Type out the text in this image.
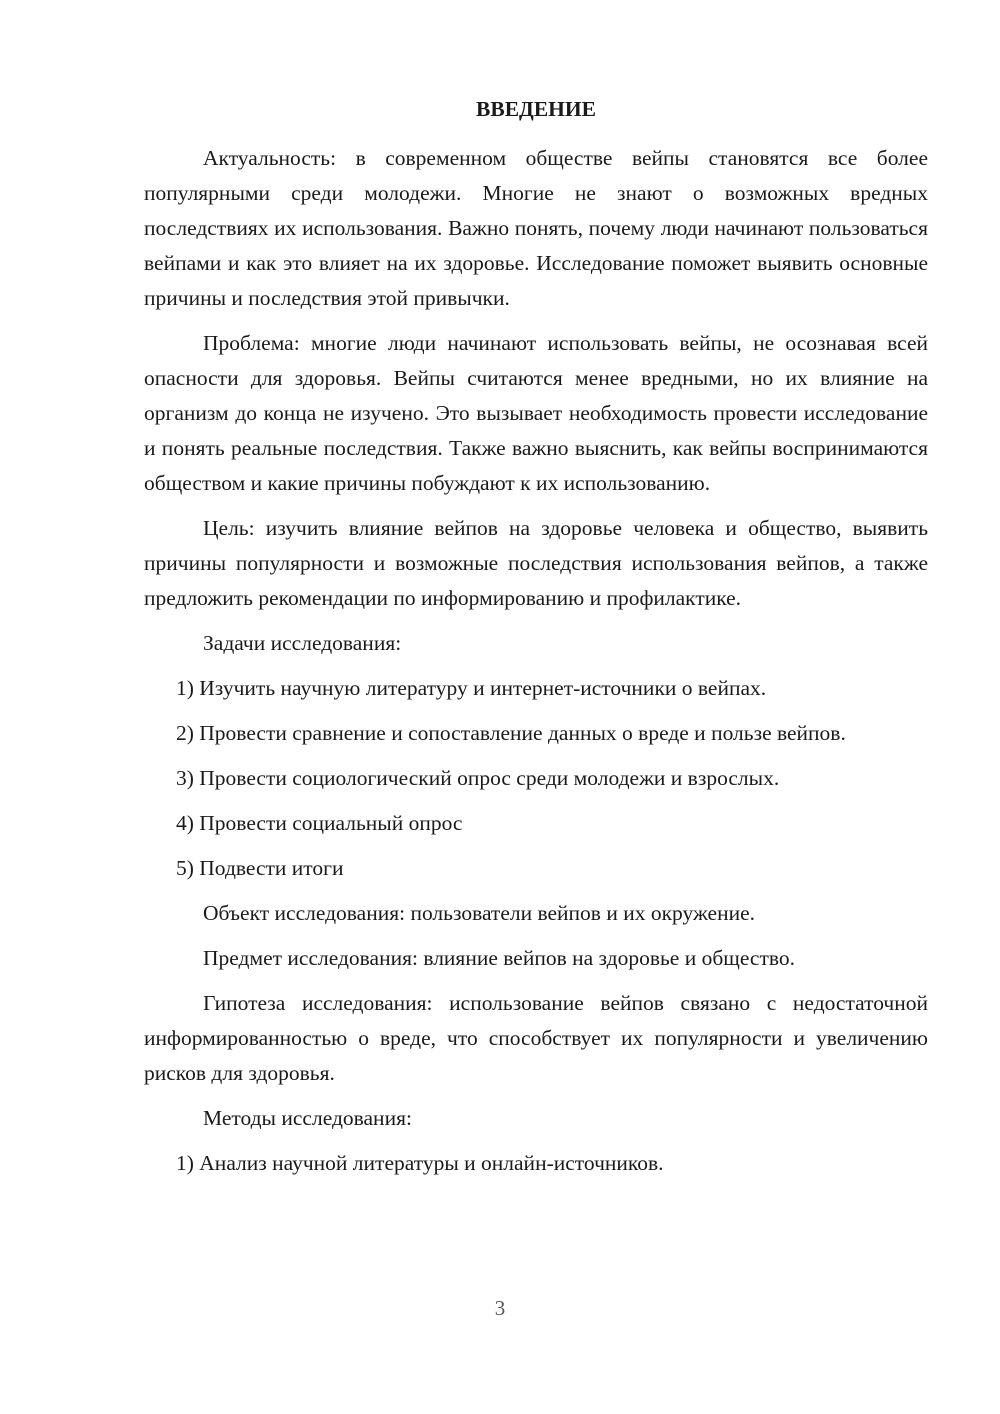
ВВЕДЕНИЕ

Актуальность: в современном обществе вейпы становятся все более популярными среди молодежи. Многие не знают о возможных вредных последствиях их использования. Важно понять, почему люди начинают пользоваться вейпами и как это влияет на их здоровье. Исследование поможет выявить основные причины и последствия этой привычки.

Проблема: многие люди начинают использовать вейпы, не осознавая всей опасности для здоровья. Вейпы считаются менее вредными, но их влияние на организм до конца не изучено. Это вызывает необходимость провести исследование и понять реальные последствия. Также важно выяснить, как вейпы воспринимаются обществом и какие причины побуждают к их использованию.

Цель: изучить влияние вейпов на здоровье человека и общество, выявить причины популярности и возможные последствия использования вейпов, а также предложить рекомендации по информированию и профилактике.

Задачи исследования:

1) Изучить научную литературу и интернет-источники о вейпах.

2) Провести сравнение и сопоставление данных о вреде и пользе вейпов.

3) Провести социологический опрос среди молодежи и взрослых.

4) Провести социальный опрос

5) Подвести итоги

Объект исследования: пользователи вейпов и их окружение.

Предмет исследования: влияние вейпов на здоровье и общество.

Гипотеза исследования: использование вейпов связано с недостаточной информированностью о вреде, что способствует их популярности и увеличению рисков для здоровья.

Методы исследования:

1) Анализ научной литературы и онлайн-источников.

3
